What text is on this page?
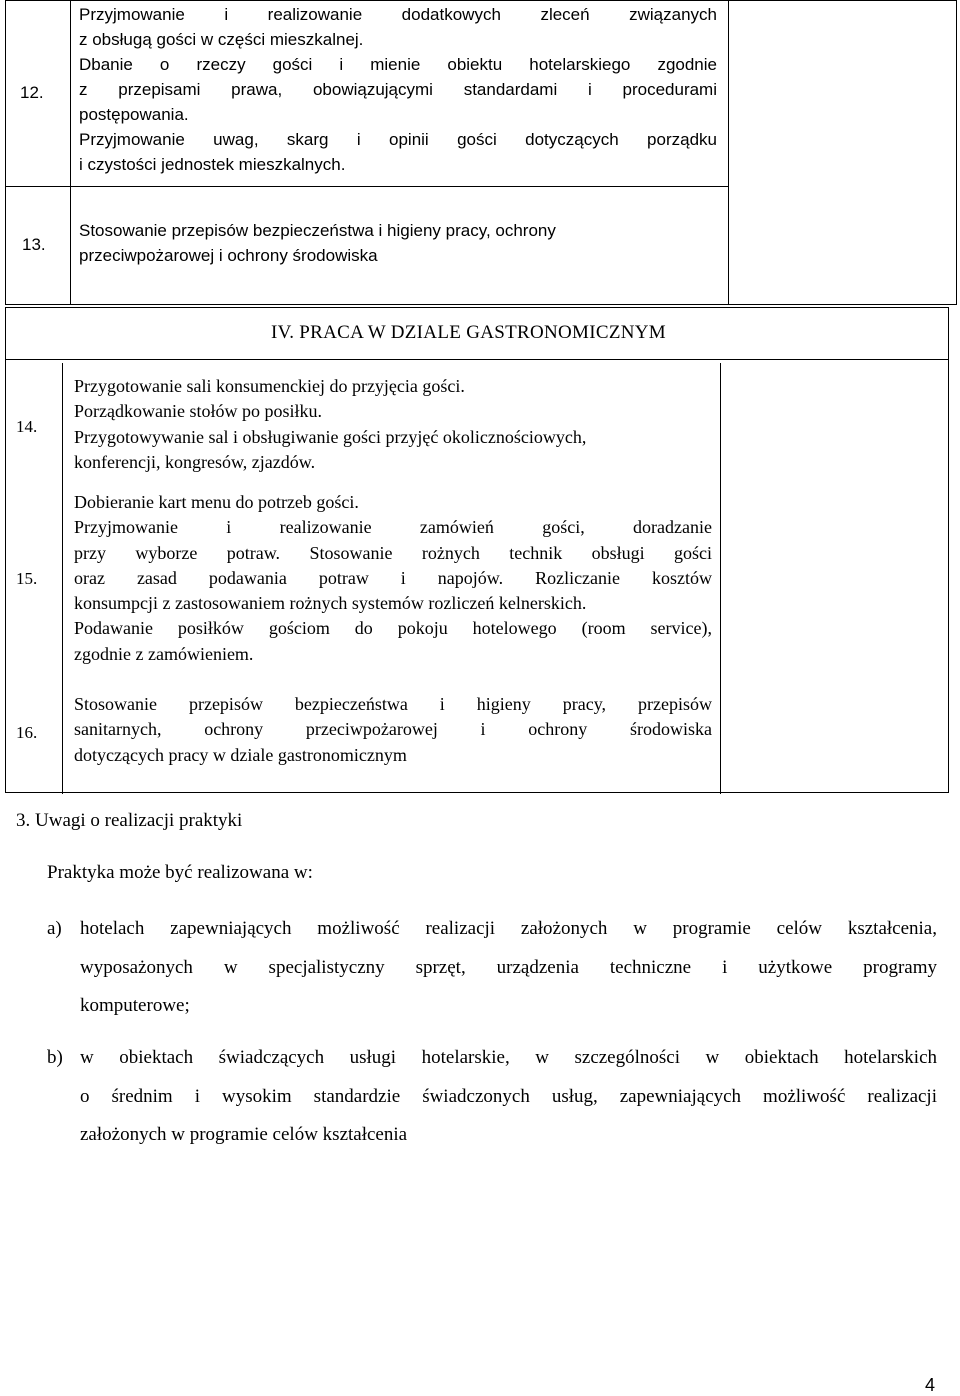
12.

Przyjmowanie i realizowanie dodatkowych zleceń związanych

z obsługą gości w części mieszkalnej.

Dbanie o rzeczy gości i mienie obiektu hotelarskiego zgodnie

z przepisami prawa, obowiązującymi standardami i procedurami

postępowania.

Przyjmowanie uwag, skarg i opinii gości dotyczących porządku

i czystości jednostek mieszkalnych.

13.

Stosowanie przepisów bezpieczeństwa i higieny pracy, ochrony

przeciwpożarowej i ochrony środowiska

IV. PRACA W DZIALE GASTRONOMICZNYM
14.

Przygotowanie sali konsumenckiej do przyjęcia gości.

Porządkowanie stołów po posiłku.

Przygotowywanie sal i obsługiwanie gości przyjęć okolicznościowych,

konferencji, kongresów, zjazdów.

15.

Dobieranie kart menu do potrzeb gości.

Przyjmowanie i realizowanie zamówień gości, doradzanie

przy wyborze potraw. Stosowanie rożnych technik obsługi gości

oraz zasad podawania potraw i napojów. Rozliczanie kosztów

konsumpcji z zastosowaniem rożnych systemów rozliczeń kelnerskich.

Podawanie posiłków gościom do pokoju hotelowego (room service),

zgodnie z zamówieniem.

16.

Stosowanie przepisów bezpieczeństwa i higieny pracy, przepisów

sanitarnych, ochrony przeciwpożarowej i ochrony środowiska

dotyczących pracy w dziale gastronomicznym

3. Uwagi o realizacji praktyki
Praktyka może być realizowana w:
a) hotelach zapewniających możliwość realizacji założonych w programie celów kształcenia,
wyposażonych w specjalistyczny sprzęt, urządzenia techniczne i użytkowe programy
komputerowe;
b) w obiektach świadczących usługi hotelarskie, w szczególności w obiektach hotelarskich
o średnim i wysokim standardzie świadczonych usług, zapewniających możliwość realizacji
założonych w programie celów kształcenia
4
